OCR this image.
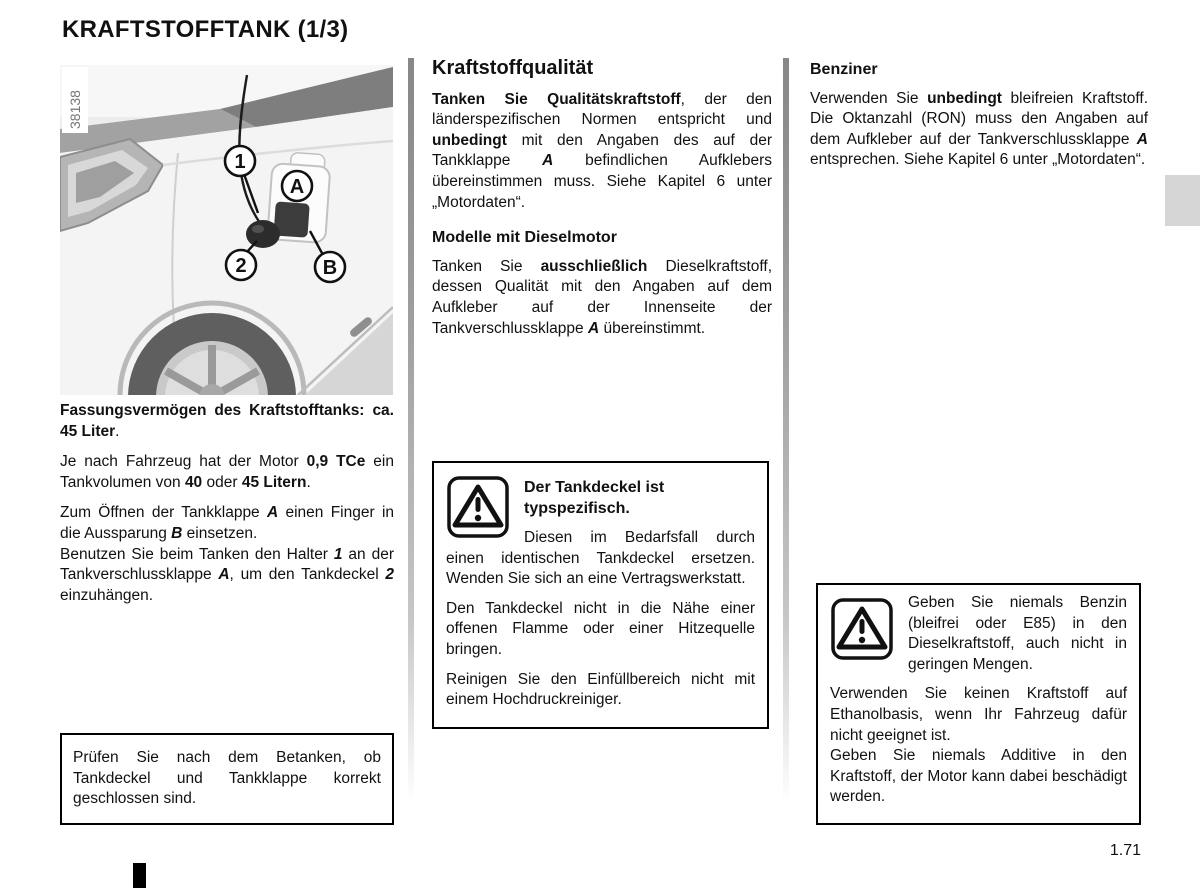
KRAFTSTOFFTANK (1/3)
1
A
2	B
38138

Fassungsvermögen des Kraftstofftanks: ca. 45 Liter.

Je nach Fahrzeug hat der Motor 0,9 TCe ein Tankvolumen von 40 oder 45 Litern.

Zum Öffnen der Tankklappe A einen Finger in die Aussparung B einsetzen.

Benutzen Sie beim Tanken den Halter 1 an der Tankverschlussklappe A, um den Tankdeckel 2 einzuhängen.

Prüfen Sie nach dem Betanken, ob Tankdeckel und Tankklappe korrekt geschlossen sind.

Kraftstoffqualität

Tanken Sie Qualitätskraftstoff, der den länderspezifischen Normen entspricht und unbedingt mit den Angaben des auf der Tankklappe A befindlichen Aufklebers übereinstimmen muss. Siehe Kapitel 6 unter „Motordaten“.

Modelle mit Dieselmotor

Tanken Sie ausschließlich Dieselkraftstoff, dessen Qualität mit den Angaben auf dem Aufkleber auf der Innenseite der Tankverschlussklappe A übereinstimmt.

Der Tankdeckel ist typspezifisch.

Diesen im Bedarfsfall durch einen identischen Tankdeckel ersetzen. Wenden Sie sich an eine Vertragswerkstatt.

Den Tankdeckel nicht in die Nähe einer offenen Flamme oder einer Hitzequelle bringen.

Reinigen Sie den Einfüllbereich nicht mit einem Hochdruckreiniger.

Benziner

Verwenden Sie unbedingt bleifreien Kraftstoff. Die Oktanzahl (RON) muss den Angaben auf dem Aufkleber auf der Tankverschlussklappe A entsprechen. Siehe Kapitel 6 unter „Motordaten“.

Geben Sie niemals Benzin (bleifrei oder E85) in den Dieselkraftstoff, auch nicht in geringen Mengen.

Verwenden Sie keinen Kraftstoff auf Ethanolbasis, wenn Ihr Fahrzeug dafür nicht geeignet ist.

Geben Sie niemals Additive in den Kraftstoff, der Motor kann dabei beschädigt werden.

1.71
